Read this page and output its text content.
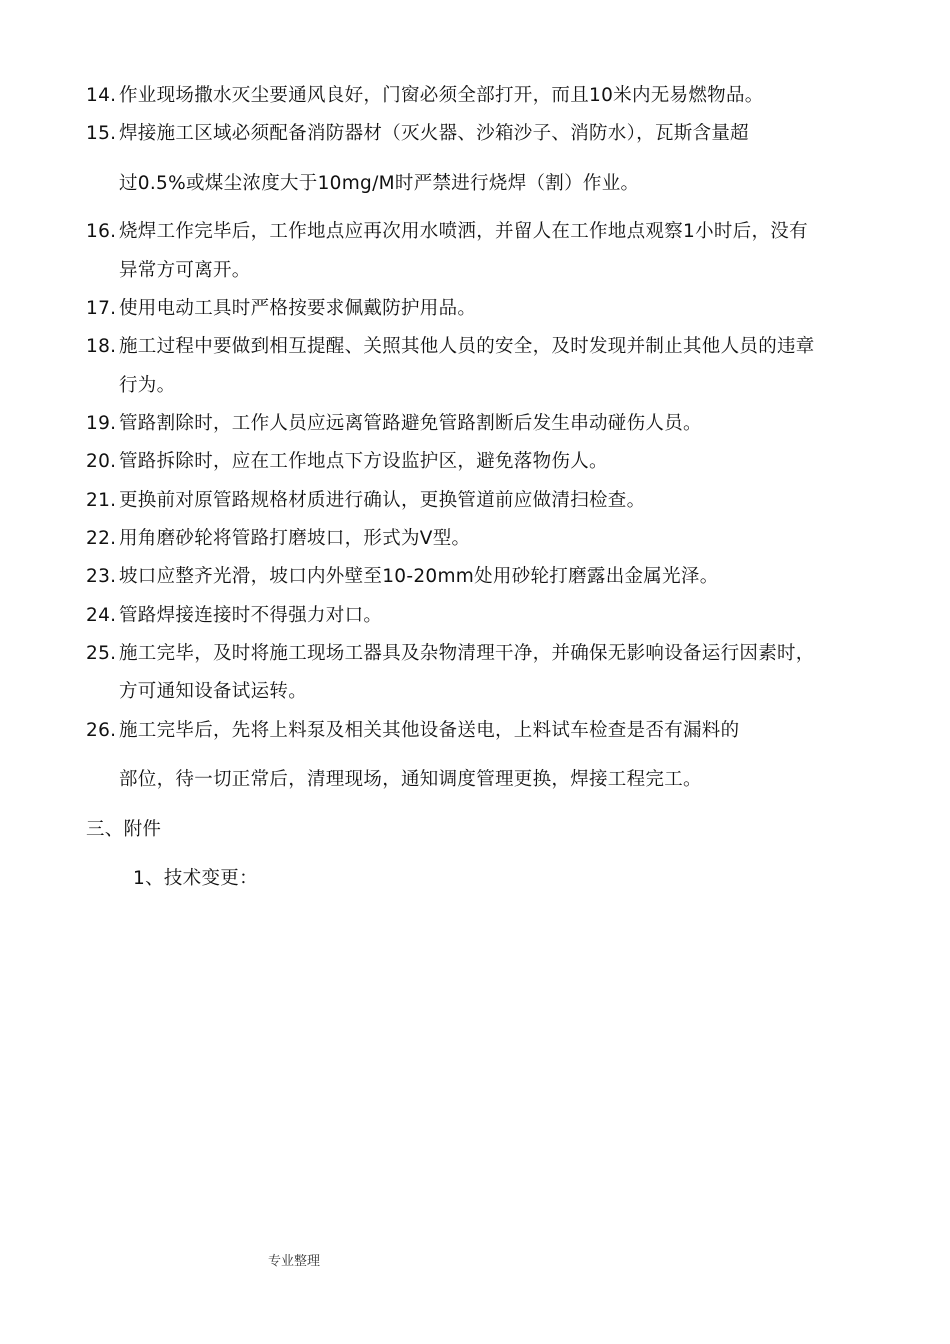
14. 作业现场撒水灭尘要通风良好，门窗必须全部打开，而且10米内无易燃物品。
15. 焊接施工区域必须配备消防器材（灭火器、沙箱沙子、消防水），瓦斯含量超
过0.5%或煤尘浓度大于10mg/M时严禁进行烧焊（割）作业。
16. 烧焊工作完毕后，工作地点应再次用水喷洒，并留人在工作地点观察1小时后，没有
异常方可离开。
17. 使用电动工具时严格按要求佩戴防护用品。
18. 施工过程中要做到相互提醒、关照其他人员的安全，及时发现并制止其他人员的违章
行为。
19. 管路割除时，工作人员应远离管路避免管路割断后发生串动碰伤人员。
20. 管路拆除时，应在工作地点下方设监护区，避免落物伤人。
21. 更换前对原管路规格材质进行确认，更换管道前应做清扫检查。
22. 用角磨砂轮将管路打磨坡口，形式为V型。
23. 坡口应整齐光滑，坡口内外壁至10-20mm处用砂轮打磨露出金属光泽。
24. 管路焊接连接时不得强力对口。
25. 施工完毕，及时将施工现场工器具及杂物清理干净，并确保无影响设备运行因素时，
方可通知设备试运转。
26. 施工完毕后，先将上料泵及相关其他设备送电，上料试车检查是否有漏料的
部位，待一切正常后，清理现场，通知调度管理更换，焊接工程完工。
三、附件
1、技术变更：
专业整理
